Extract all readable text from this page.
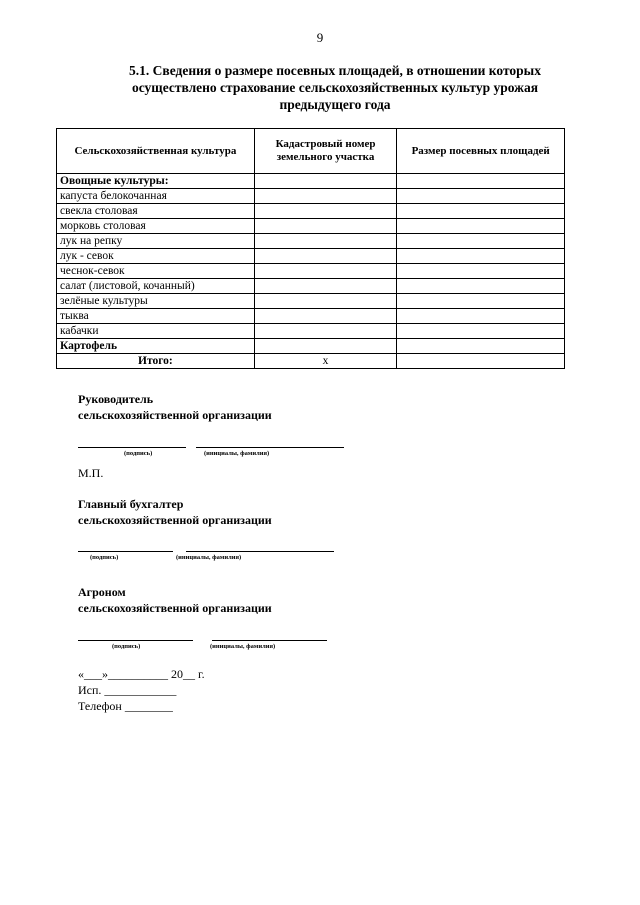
9
5.1. Сведения о размере посевных площадей, в отношении которых осуществлено страхование сельскохозяйственных культур урожая предыдущего года
Сельскохозяйственная культура	Кадастровый номер земельного участка	Размер посевных площадей
Овощные культуры:		
капуста белокочанная		
свекла столовая		
морковь столовая		
лук на репку		
лук - севок		
чеснок-севок		
салат (листовой, кочанный)		
зелёные культуры		
тыква		
кабачки		
Картофель		
Итого:	х	
Руководитель
сельскохозяйственной организации
(подпись)	(инициалы, фамилия)
М.П.
Главный бухгалтер
сельскохозяйственной организации
(подпись)	(инициалы, фамилия)
Агроном
сельскохозяйственной организации
(подпись)	(инициалы, фамилия)
«___»__________ 20__ г.
Исп. ____________
Телефон ________
